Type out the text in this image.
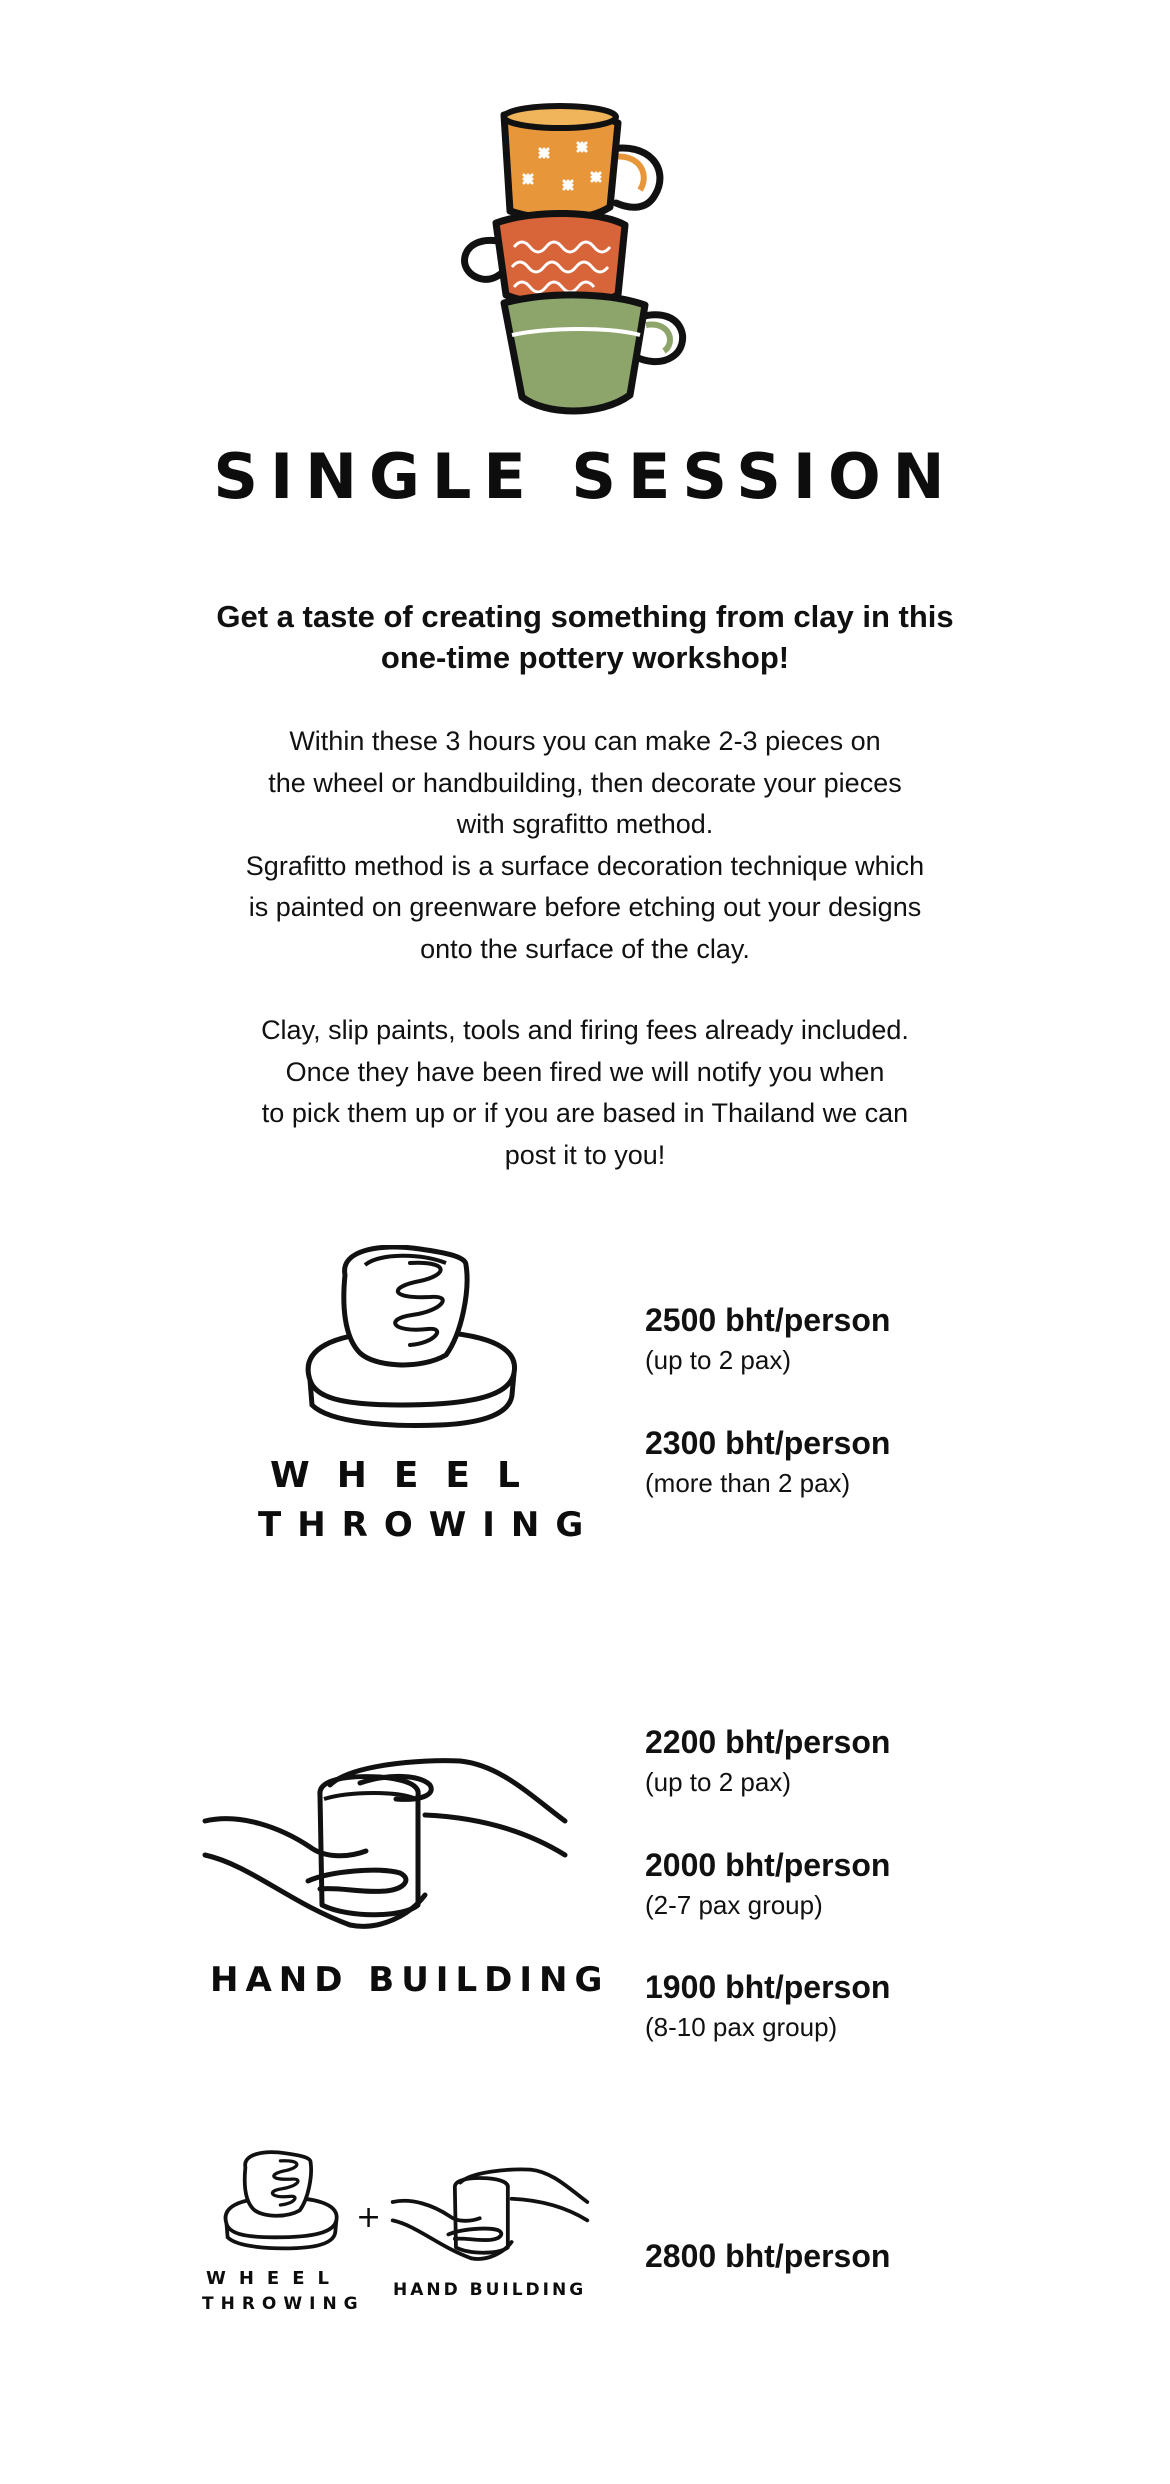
SINGLE SESSION
Get a taste of creating something from clay in this one-time pottery workshop!
Within these 3 hours you can make 2-3 pieces on
the wheel or handbuilding, then decorate your pieces
with sgrafitto method.
Sgrafitto method is a surface decoration technique which
is painted on greenware before etching out your designs
onto the surface of the clay.
Clay, slip paints, tools and firing fees already included.
Once they have been fired we will notify you when
to pick them up or if you are based in Thailand we can
post it to you!
WHEEL
THROWING
2500 bht/person
(up to 2 pax)
2300 bht/person
(more than 2 pax)
HAND BUILDING
2200 bht/person
(up to 2 pax)
2000 bht/person
(2-7 pax group)
1900 bht/person
(8-10 pax group)
WHEEL
THROWING
+
HAND BUILDING
2800 bht/person
